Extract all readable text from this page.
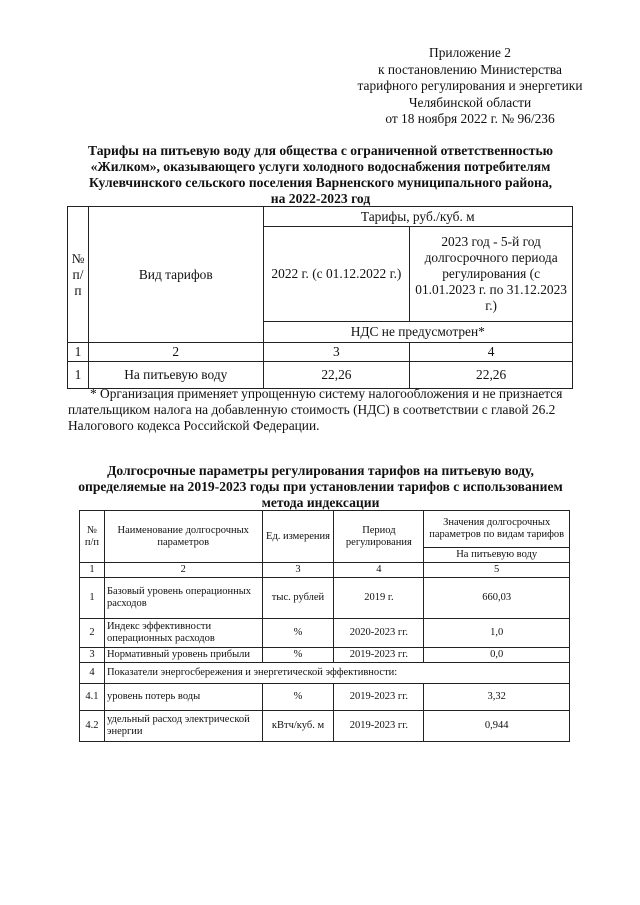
Приложение 2
к постановлению Министерства
тарифного регулирования и энергетики
Челябинской области
от 18 ноября 2022 г. № 96/236
Тарифы на питьевую воду для общества с ограниченной ответственностью
«Жилком», оказывающего услуги холодного водоснабжения потребителям
Кулевчинского сельского поселения Варненского муниципального района,
на 2022-2023 год
№ п/п	Вид тарифов	Тарифы, руб./куб. м	
		2022 г. (с 01.12.2022 г.)	2023 год - 5-й год долгосрочного периода регулирования (с 01.01.2023 г. по 31.12.2023 г.)
		НДС не предусмотрен*	
1	2	3	4
1	На питьевую воду	22,26	22,26
* Организация применяет упрощенную систему налогообложения и не признается
плательщиком налога на добавленную стоимость (НДС) в соответствии с главой 26.2
Налогового кодекса Российской Федерации.
Долгосрочные параметры регулирования тарифов на питьевую воду,
определяемые на 2019-2023 годы при установлении тарифов с использованием
метода индексации
№ п/п	Наименование долгосрочных параметров	Ед. измерения	Период регулирования	Значения долгосрочных параметров по видам тарифов
				На питьевую воду
1	2	3	4	5
1	Базовый уровень операционных расходов	тыс. рублей	2019 г.	660,03
2	Индекс эффективности операционных расходов	%	2020-2023 гг.	1,0
3	Нормативный уровень прибыли	%	2019-2023 гг.	0,0
4	Показатели энергосбережения и энергетической эффективности:			
4.1	уровень потерь воды	%	2019-2023 гг.	3,32
4.2	удельный расход электрической энергии	кВтч/куб. м	2019-2023 гг.	0,944
